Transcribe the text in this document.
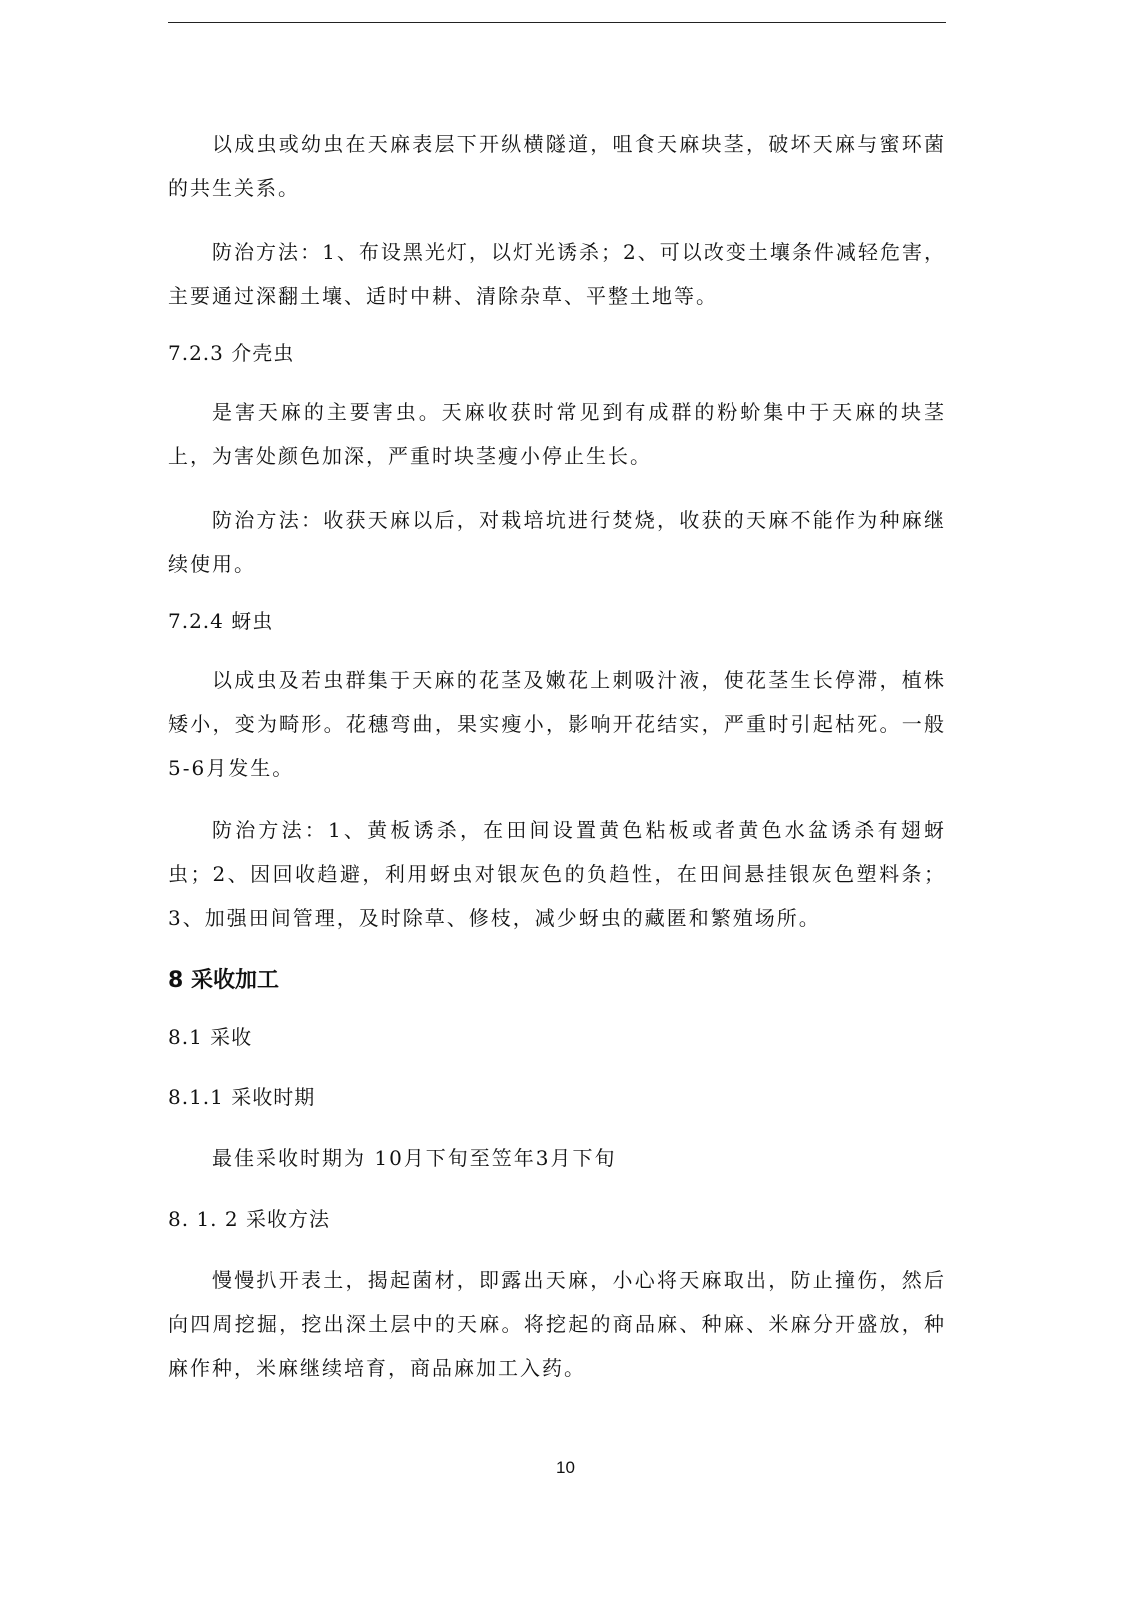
以成虫或幼虫在天麻表层下开纵横隧道，咀食天麻块茎，破坏天麻与蜜环菌的共生关系。

防治方法：1、布设黑光灯，以灯光诱杀；2、可以改变土壤条件减轻危害，主要通过深翻土壤、适时中耕、清除杂草、平整土地等。

7.2.3 介壳虫

是害天麻的主要害虫。天麻收获时常见到有成群的粉蚧集中于天麻的块茎上，为害处颜色加深，严重时块茎瘦小停止生长。

防治方法：收获天麻以后，对栽培坑进行焚烧，收获的天麻不能作为种麻继续使用。

7.2.4 蚜虫

以成虫及若虫群集于天麻的花茎及嫩花上刺吸汁液，使花茎生长停滞，植株矮小，变为畸形。花穗弯曲，果实瘦小，影响开花结实，严重时引起枯死。一般5-6月发生。

防治方法：1、黄板诱杀，在田间设置黄色粘板或者黄色水盆诱杀有翅蚜虫；2、因回收趋避，利用蚜虫对银灰色的负趋性，在田间悬挂银灰色塑料条；3、加强田间管理，及时除草、修枝，减少蚜虫的藏匿和繁殖场所。

8 采收加工

8.1 采收

8.1.1 采收时期

最佳采收时期为 10月下旬至笠年3月下旬

8. 1. 2 采收方法

慢慢扒开表土，揭起菌材，即露出天麻，小心将天麻取出，防止撞伤，然后向四周挖掘，挖出深土层中的天麻。将挖起的商品麻、种麻、米麻分开盛放，种麻作种，米麻继续培育，商品麻加工入药。

10
